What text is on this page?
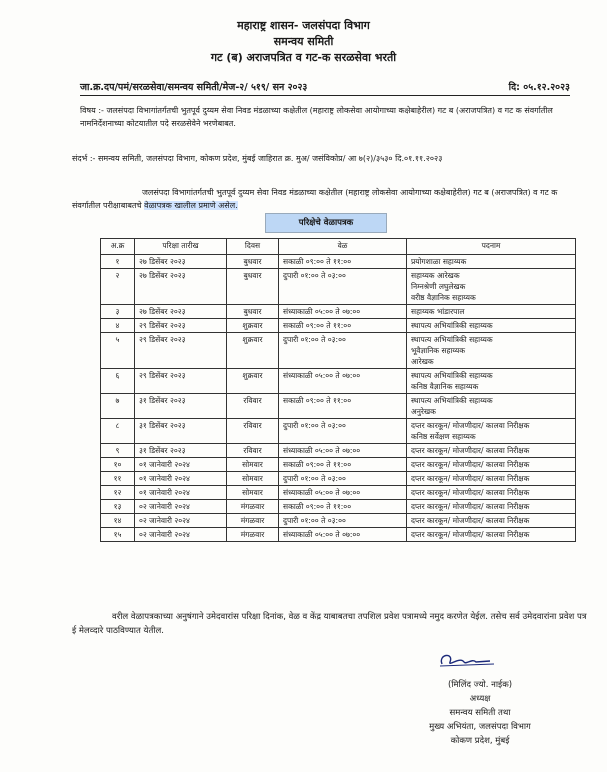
महाराष्ट्र शासन- जलसंपदा विभाग
समन्वय समिती
गट (ब) अराजपत्रित व गट-क सरळसेवा भरती
जा.क्र.दप/पमं/सरळसेवा/समन्वय समिती/मेज-२/ ५१९/ सन २०२३	दि: ०५.१२.२०२३
विषय :- जलसंपदा विभागांतर्गतची भुतपूर्व दुय्यम सेवा निवड मंडळाच्या कक्षेतील (महाराष्ट्र लोकसेवा आयोगाच्या कक्षेबाहेरील) गट ब (अराजपत्रित) व गट क संवर्गातील नामनिर्देशनाच्या कोटयातील पदे सरळसेवेने भरणेबाबत.
संदर्भ :- समन्वय समिती, जलसंपदा विभाग, कोकण प्रदेश, मुंबई जाहिरात क्र. मुअ/ जसंविकोप्र/ आ ७(२)/३५३० दि.०१.११.२०२३
जलसंपदा विभागांतर्गतची भुतपूर्व दुय्यम सेवा निवड मंडळाच्या कक्षेतील (महाराष्ट्र लोकसेवा आयोगाच्या कक्षेबाहेरील) गट ब (अराजपत्रित) व गट क संवर्गातील परीक्षाबाबतचे वेळापत्रक खालील प्रमाणे असेल.
परिक्षेचे वेळापत्रक
अ.क्र	परिक्षा तारीख	दिवस	वेळ	पदनाम
१	२७ डिसेंबर २०२३	बुधवार	सकाळी ०९:०० ते ११:००	प्रयोगशाळा सहाय्यक

२	२७ डिसेंबर २०२३	बुधवार	दुपारी ०१:०० ते ०३:००	सहाय्यक आरेखक
निम्नश्रेणी लघुलेखक
वरीष्ठ वैज्ञानिक सहाय्यक

३	२७ डिसेंबर २०२३	बुधवार	संध्याकाळी ०५:०० ते ०७:००	सहाय्यक भांडारपाल

४	२९ डिसेंबर २०२३	शुक्रवार	सकाळी ०९:०० ते ११:००	स्थापत्य अभियांत्रिकी सहाय्यक

५	२९ डिसेंबर २०२३	शुक्रवार	दुपारी ०१:०० ते ०३:००	स्थापत्य अभियांत्रिकी सहाय्यक
भूवैज्ञानिक सहाय्यक
आरेखक

६	२९ डिसेंबर २०२३	शुक्रवार	संध्याकाळी ०५:०० ते ०७:००	स्थापत्य अभियांत्रिकी सहाय्यक
कनिष्ठ वैज्ञानिक सहाय्यक

७	३१ डिसेंबर २०२३	रविवार	सकाळी ०९:०० ते ११:००	स्थापत्य अभियांत्रिकी सहाय्यक
अनुरेखक

८	३१ डिसेंबर २०२३	रविवार	दुपारी ०१:०० ते ०३:००	दप्तर कारकून/ मोजणीदार/ कालवा निरीक्षक
कनिष्ठ सर्वेक्षण सहाय्यक

९	३१ डिसेंबर २०२३	रविवार	संध्याकाळी ०५:०० ते ०७:००	दप्तर कारकून/ मोजणीदार/ कालवा निरीक्षक

१०	०१ जानेवारी २०२४	सोमवार	सकाळी ०९:०० ते ११:००	दप्तर कारकून/ मोजणीदार/ कालवा निरीक्षक

११	०१ जानेवारी २०२४	सोमवार	दुपारी ०१:०० ते ०३:००	दप्तर कारकून/ मोजणीदार/ कालवा निरीक्षक

१२	०१ जानेवारी २०२४	सोमवार	संध्याकाळी ०५:०० ते ०७:००	दप्तर कारकून/ मोजणीदार/ कालवा निरीक्षक

१३	०२ जानेवारी २०२४	मंगळवार	सकाळी ०९:०० ते ११:००	दप्तर कारकून/ मोजणीदार/ कालवा निरीक्षक

१४	०२ जानेवारी २०२४	मंगळवार	दुपारी ०१:०० ते ०३:००	दप्तर कारकून/ मोजणीदार/ कालवा निरीक्षक

१५	०२ जानेवारी २०२४	मंगळवार	संध्याकाळी ०५:०० ते ०७:००	दप्तर कारकून/ मोजणीदार/ कालवा निरीक्षक
वरील वेळापत्रकाच्या अनुषंगाने उमेदवारांस परिक्षा दिनांक, वेळ व केंद्र याबाबतचा तपशिल प्रवेश पत्रामध्ये नमुद करणेत येईल. तसेच सर्व उमेदवारांना प्रवेश पत्र ई मेलव्दारे पाठविण्यात येतील.
(मिलिंद ज्यो. नाईक)
अध्यक्ष
समन्वय समिती तथा
मुख्य अभियंता, जलसंपदा विभाग
कोकण प्रदेश, मुंबई
